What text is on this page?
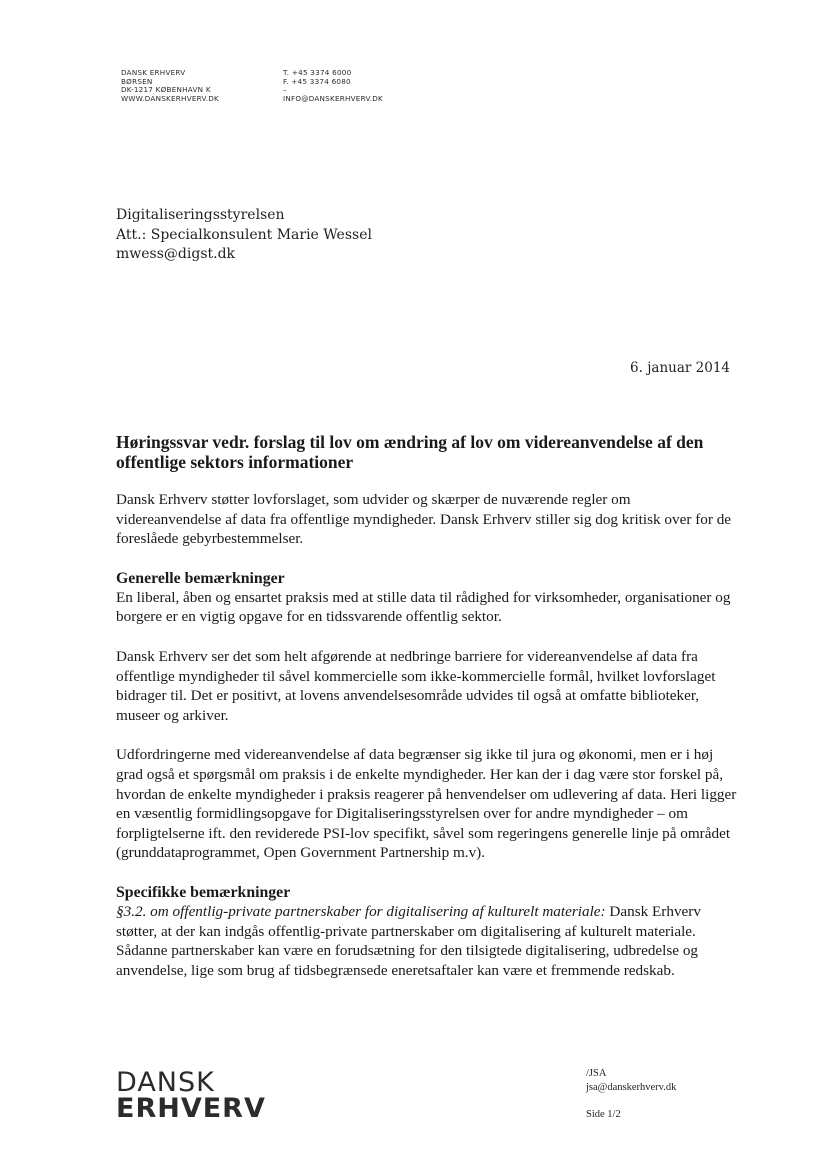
DANSK ERHVERV
BØRSEN
DK-1217 KØBENHAVN K
WWW.DANSKERHVERV.DK
T. +45 3374 6000
F. +45 3374 6080
–
INFO@DANSKERHVERV.DK
Digitaliseringsstyrelsen
Att.: Specialkonsulent Marie Wessel
mwess@digst.dk
6. januar 2014
Høringssvar vedr. forslag til lov om ændring af lov om videreanvendelse af den offentlige sektors informationer

Dansk Erhverv støtter lovforslaget, som udvider og skærper de nuværende regler om videreanvendelse af data fra offentlige myndigheder. Dansk Erhverv stiller sig dog kritisk over for de foreslåede gebyrbestemmelser.

Generelle bemærkninger

En liberal, åben og ensartet praksis med at stille data til rådighed for virksomheder, organisationer og borgere er en vigtig opgave for en tidssvarende offentlig sektor.

Dansk Erhverv ser det som helt afgørende at nedbringe barriere for videreanvendelse af data fra offentlige myndigheder til såvel kommercielle som ikke-kommercielle formål, hvilket lovforslaget bidrager til. Det er positivt, at lovens anvendelsesområde udvides til også at omfatte biblioteker, museer og arkiver.

Udfordringerne med videreanvendelse af data begrænser sig ikke til jura og økonomi, men er i høj grad også et spørgsmål om praksis i de enkelte myndigheder. Her kan der i dag være stor forskel på, hvordan de enkelte myndigheder i praksis reagerer på henvendelser om udlevering af data. Heri ligger en væsentlig formidlingsopgave for Digitaliseringsstyrelsen over for andre myndigheder – om forpligtelserne ift. den reviderede PSI-lov specifikt, såvel som regeringens generelle linje på området (grunddataprogrammet, Open Government Partnership m.v).

Specifikke bemærkninger

§3.2. om offentlig-private partnerskaber for digitalisering af kulturelt materiale: Dansk Erhverv støtter, at der kan indgås offentlig-private partnerskaber om digitalisering af kulturelt materiale. Sådanne partnerskaber kan være en forudsætning for den tilsigtede digitalisering, udbredelse og anvendelse, lige som brug af tidsbegrænsede eneretsaftaler kan være et fremmende redskab.

DANSK
ERHVERV
/JSA
jsa@danskerhverv.dk
Side 1/2
